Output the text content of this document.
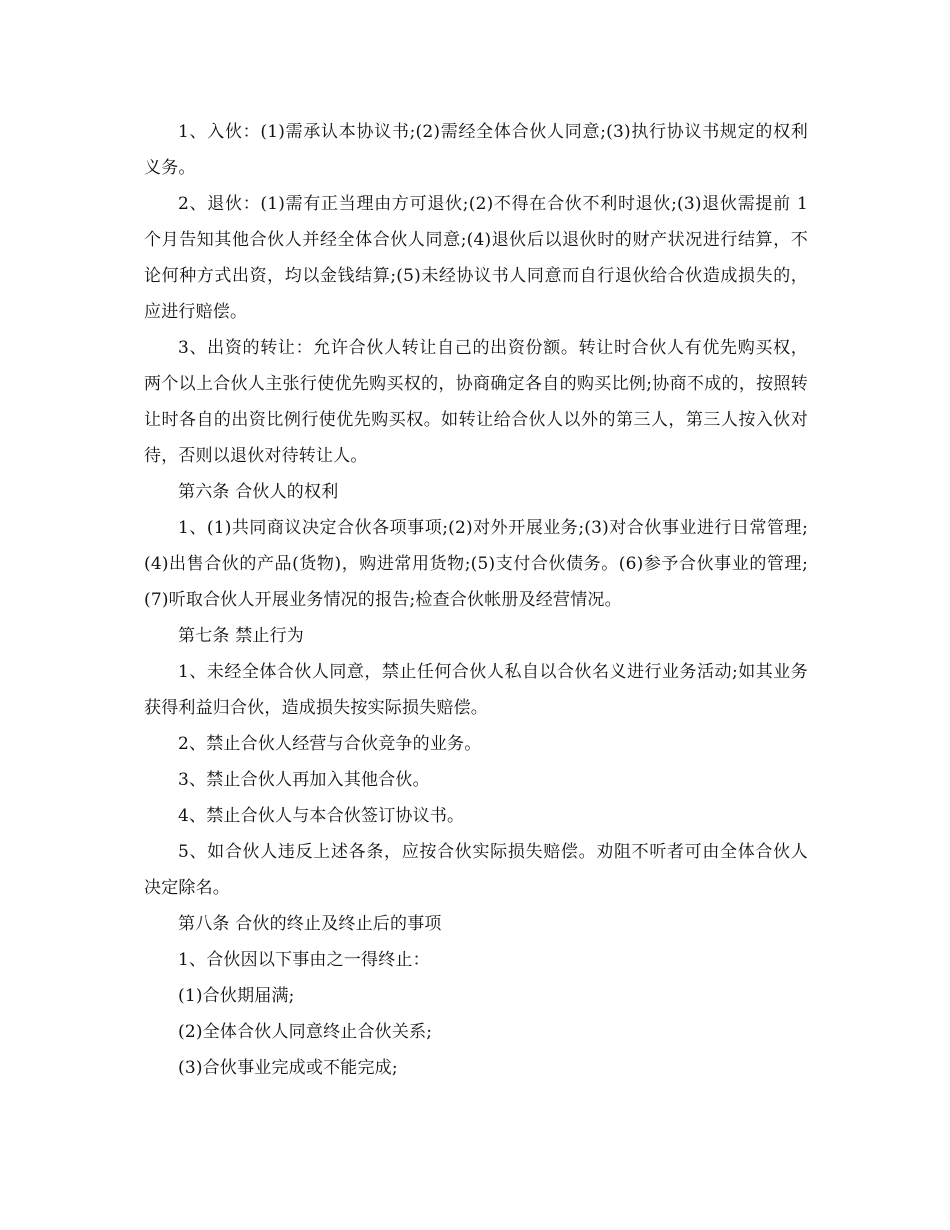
1、入伙：(1)需承认本协议书;(2)需经全体合伙人同意;(3)执行协议书规定的权利义务。

2、退伙：(1)需有正当理由方可退伙;(2)不得在合伙不利时退伙;(3)退伙需提前 1 个月告知其他合伙人并经全体合伙人同意;(4)退伙后以退伙时的财产状况进行结算，不论何种方式出资，均以金钱结算;(5)未经协议书人同意而自行退伙给合伙造成损失的，应进行赔偿。

3、出资的转让：允许合伙人转让自己的出资份额。转让时合伙人有优先购买权，两个以上合伙人主张行使优先购买权的，协商确定各自的购买比例;协商不成的，按照转让时各自的出资比例行使优先购买权。如转让给合伙人以外的第三人，第三人按入伙对待，否则以退伙对待转让人。

第六条 合伙人的权利

1、(1)共同商议决定合伙各项事项;(2)对外开展业务;(3)对合伙事业进行日常管理;(4)出售合伙的产品(货物)，购进常用货物;(5)支付合伙债务。(6)参予合伙事业的管理;(7)听取合伙人开展业务情况的报告;检查合伙帐册及经营情况。

第七条 禁止行为

1、未经全体合伙人同意，禁止任何合伙人私自以合伙名义进行业务活动;如其业务获得利益归合伙，造成损失按实际损失赔偿。

2、禁止合伙人经营与合伙竞争的业务。

3、禁止合伙人再加入其他合伙。

4、禁止合伙人与本合伙签订协议书。

5、如合伙人违反上述各条，应按合伙实际损失赔偿。劝阻不听者可由全体合伙人决定除名。

第八条 合伙的终止及终止后的事项

1、合伙因以下事由之一得终止：

(1)合伙期届满;

(2)全体合伙人同意终止合伙关系;

(3)合伙事业完成或不能完成;
